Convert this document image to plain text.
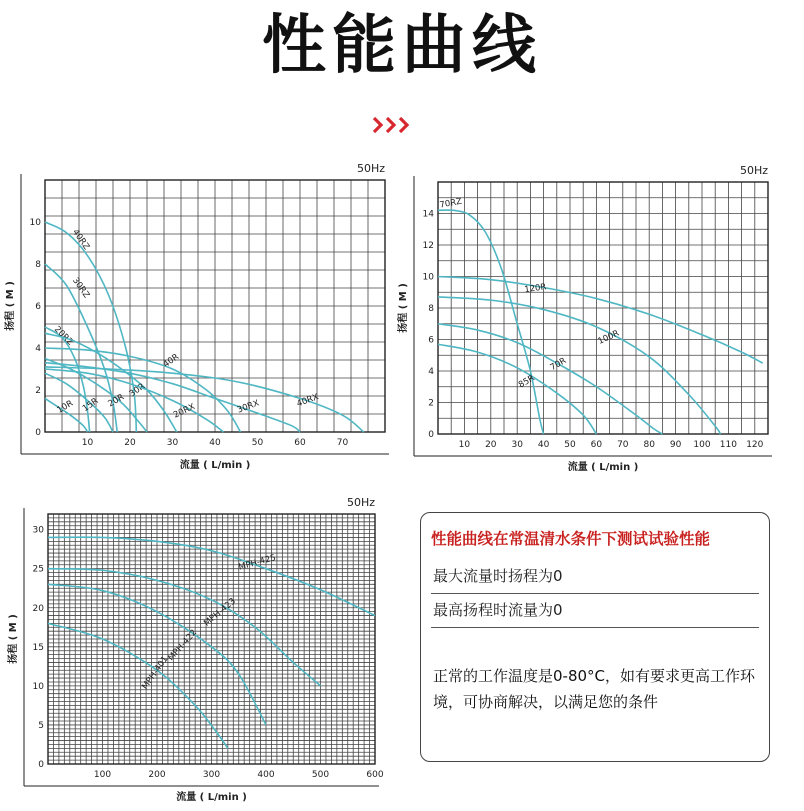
性能曲线
0
2
4
6
8
10
10	20	30	40	50	60	70
流量 ( L/min )
扬程 ( M )
50Hz
40RZ
30RZ
20RZ
10R 15R 20R
30R
40R
20RX	30RX	40RX
0
2
4
6
8
10
12
14
10 20 30 40 50 60 70 80 90 100 110 120
流量 ( L/min )
扬程 ( M )
50Hz
70RZ
120R
100R
70R
85R
0
5
10
15
20
25
30
100	200	300	400	500	600
流量 ( L/min )
扬程 ( M )
50Hz
MPH-425
MPH-423
MPH-422
MPH-401
性能曲线在常温清水条件下测试试验性能
最大流量时扬程为0
最高扬程时流量为0
正常的工作温度是0-80°C，如有要求更高工作环境，可协商解决，以满足您的条件
